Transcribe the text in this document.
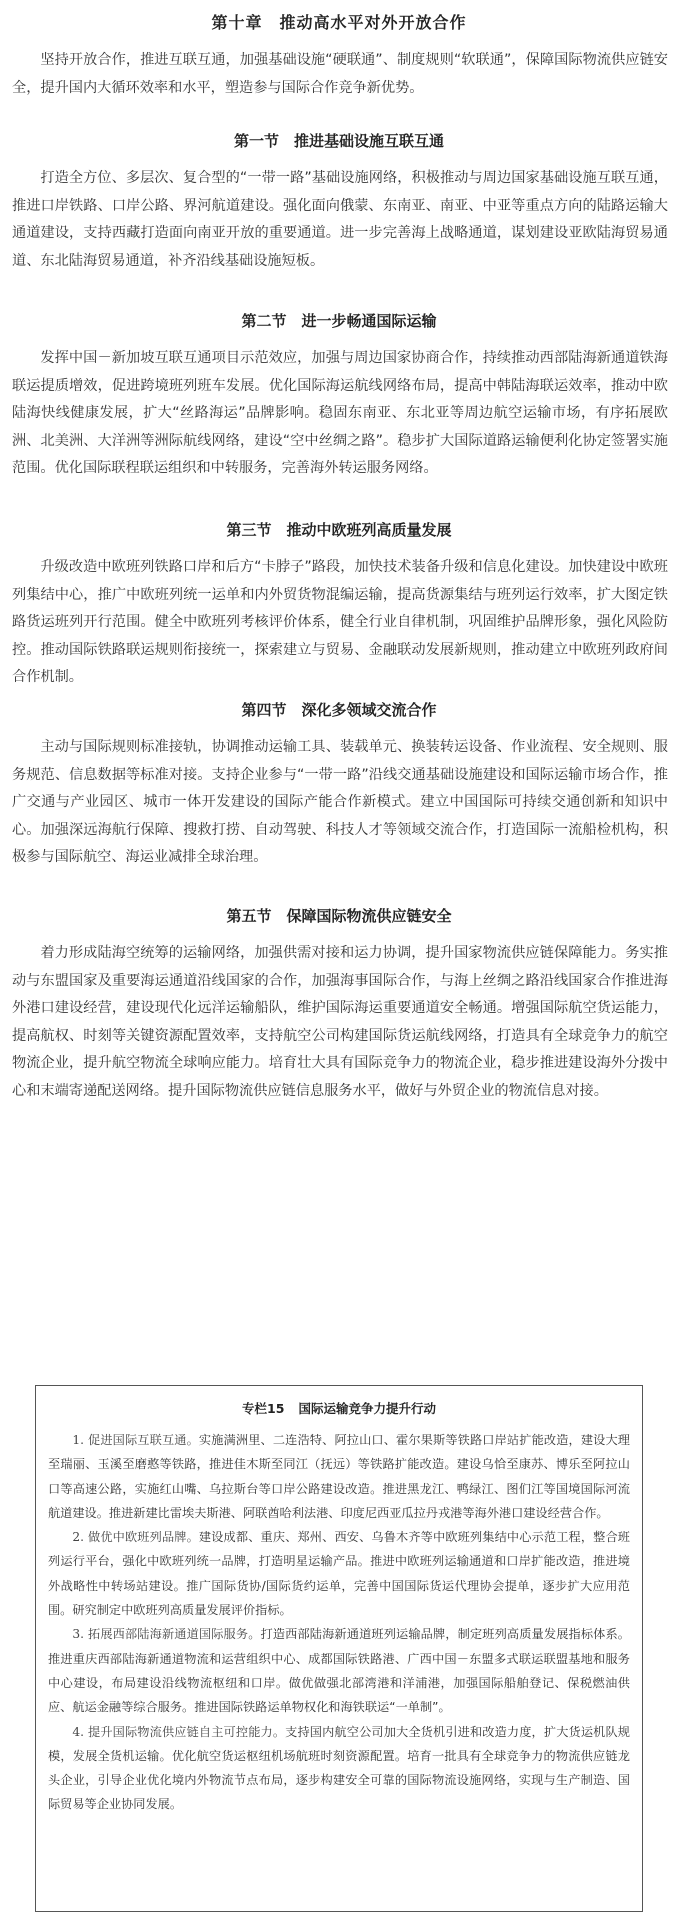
第十章　推动高水平对外开放合作

坚持开放合作，推进互联互通，加强基础设施“硬联通”、制度规则“软联通”，保障国际物流供应链安全，提升国内大循环效率和水平，塑造参与国际合作竞争新优势。

第一节　推进基础设施互联互通

打造全方位、多层次、复合型的“一带一路”基础设施网络，积极推动与周边国家基础设施互联互通，推进口岸铁路、口岸公路、界河航道建设。强化面向俄蒙、东南亚、南亚、中亚等重点方向的陆路运输大通道建设，支持西藏打造面向南亚开放的重要通道。进一步完善海上战略通道，谋划建设亚欧陆海贸易通道、东北陆海贸易通道，补齐沿线基础设施短板。

第二节　进一步畅通国际运输

发挥中国－新加坡互联互通项目示范效应，加强与周边国家协商合作，持续推动西部陆海新通道铁海联运提质增效，促进跨境班列班车发展。优化国际海运航线网络布局，提高中韩陆海联运效率，推动中欧陆海快线健康发展，扩大“丝路海运”品牌影响。稳固东南亚、东北亚等周边航空运输市场，有序拓展欧洲、北美洲、大洋洲等洲际航线网络，建设“空中丝绸之路”。稳步扩大国际道路运输便利化协定签署实施范围。优化国际联程联运组织和中转服务，完善海外转运服务网络。

第三节　推动中欧班列高质量发展

升级改造中欧班列铁路口岸和后方“卡脖子”路段，加快技术装备升级和信息化建设。加快建设中欧班列集结中心，推广中欧班列统一运单和内外贸货物混编运输，提高货源集结与班列运行效率，扩大图定铁路货运班列开行范围。健全中欧班列考核评价体系，健全行业自律机制，巩固维护品牌形象，强化风险防控。推动国际铁路联运规则衔接统一，探索建立与贸易、金融联动发展新规则，推动建立中欧班列政府间合作机制。

第四节　深化多领域交流合作

主动与国际规则标准接轨，协调推动运输工具、装载单元、换装转运设备、作业流程、安全规则、服务规范、信息数据等标准对接。支持企业参与“一带一路”沿线交通基础设施建设和国际运输市场合作，推广交通与产业园区、城市一体开发建设的国际产能合作新模式。建立中国国际可持续交通创新和知识中心。加强深远海航行保障、搜救打捞、自动驾驶、科技人才等领域交流合作，打造国际一流船检机构，积极参与国际航空、海运业减排全球治理。

第五节　保障国际物流供应链安全

着力形成陆海空统筹的运输网络，加强供需对接和运力协调，提升国家物流供应链保障能力。务实推动与东盟国家及重要海运通道沿线国家的合作，加强海事国际合作，与海上丝绸之路沿线国家合作推进海外港口建设经营，建设现代化远洋运输船队，维护国际海运重要通道安全畅通。增强国际航空货运能力，提高航权、时刻等关键资源配置效率，支持航空公司构建国际货运航线网络，打造具有全球竞争力的航空物流企业，提升航空物流全球响应能力。培育壮大具有国际竞争力的物流企业，稳步推进建设海外分拨中心和末端寄递配送网络。提升国际物流供应链信息服务水平，做好与外贸企业的物流信息对接。

专栏15 国际运输竞争力提升行动

1. 促进国际互联互通。实施满洲里、二连浩特、阿拉山口、霍尔果斯等铁路口岸站扩能改造，建设大理至瑞丽、玉溪至磨憨等铁路，推进佳木斯至同江（抚远）等铁路扩能改造。建设乌恰至康苏、博乐至阿拉山口等高速公路，实施红山嘴、乌拉斯台等口岸公路建设改造。推进黑龙江、鸭绿江、图们江等国境国际河流航道建设。推进新建比雷埃夫斯港、阿联酋哈利法港、印度尼西亚瓜拉丹戎港等海外港口建设经营合作。

2. 做优中欧班列品牌。建设成都、重庆、郑州、西安、乌鲁木齐等中欧班列集结中心示范工程，整合班列运行平台，强化中欧班列统一品牌，打造明星运输产品。推进中欧班列运输通道和口岸扩能改造，推进境外战略性中转场站建设。推广国际货协/国际货约运单，完善中国国际货运代理协会提单，逐步扩大应用范围。研究制定中欧班列高质量发展评价指标。

3. 拓展西部陆海新通道国际服务。打造西部陆海新通道班列运输品牌，制定班列高质量发展指标体系。推进重庆西部陆海新通道物流和运营组织中心、成都国际铁路港、广西中国－东盟多式联运联盟基地和服务中心建设，布局建设沿线物流枢纽和口岸。做优做强北部湾港和洋浦港，加强国际船舶登记、保税燃油供应、航运金融等综合服务。推进国际铁路运单物权化和海铁联运“一单制”。

4. 提升国际物流供应链自主可控能力。支持国内航空公司加大全货机引进和改造力度，扩大货运机队规模，发展全货机运输。优化航空货运枢纽机场航班时刻资源配置。培育一批具有全球竞争力的物流供应链龙头企业，引导企业优化境内外物流节点布局，逐步构建安全可靠的国际物流设施网络，实现与生产制造、国际贸易等企业协同发展。
